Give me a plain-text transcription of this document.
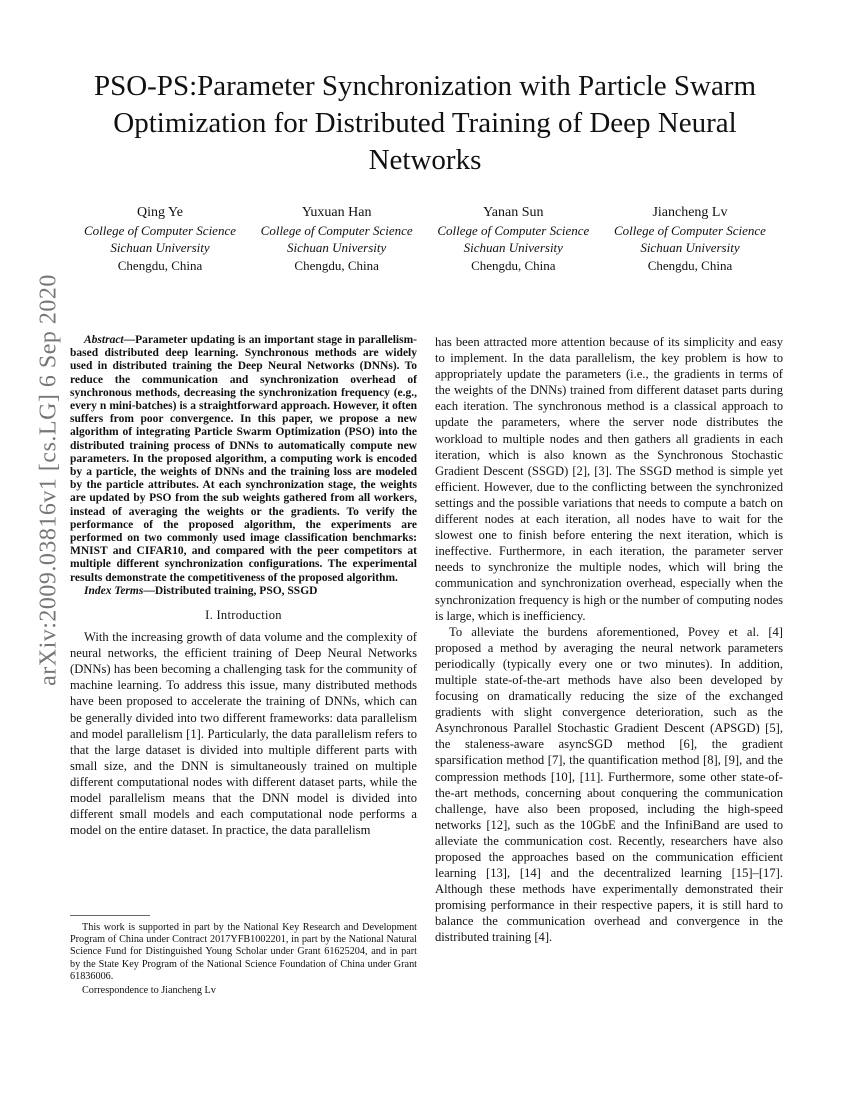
PSO-PS:Parameter Synchronization with Particle Swarm Optimization for Distributed Training of Deep Neural Networks
Qing Ye
College of Computer Science
Sichuan University
Chengdu, China
Yuxuan Han
College of Computer Science
Sichuan University
Chengdu, China
Yanan Sun
College of Computer Science
Sichuan University
Chengdu, China
Jiancheng Lv
College of Computer Science
Sichuan University
Chengdu, China
arXiv:2009.03816v1 [cs.LG] 6 Sep 2020	Abstract—Parameter updating is an important stage in parallelism-based distributed deep learning. Synchronous methods are widely used in distributed training the Deep Neural Networks (DNNs). To reduce the communication and synchronization overhead of synchronous methods, decreasing the synchronization frequency (e.g., every n mini-batches) is a straightforward approach. However, it often suffers from poor convergence. In this paper, we propose a new algorithm of integrating Particle Swarm Optimization (PSO) into the distributed training process of DNNs to automatically compute new parameters. In the proposed algorithm, a computing work is encoded by a particle, the weights of DNNs and the training loss are modeled by the particle attributes. At each synchronization stage, the weights are updated by PSO from the sub weights gathered from all workers, instead of averaging the weights or the gradients. To verify the performance of the proposed algorithm, the experiments are performed on two commonly used image classification benchmarks: MNIST and CIFAR10, and compared with the peer competitors at multiple different synchronization configurations. The experimental results demonstrate the competitiveness of the proposed algorithm.

Index Terms—Distributed training, PSO, SSGD

I. Introduction

With the increasing growth of data volume and the complexity of neural networks, the efficient training of Deep Neural Networks (DNNs) has been becoming a challenging task for the community of machine learning. To address this issue, many distributed methods have been proposed to accelerate the training of DNNs, which can be generally divided into two different frameworks: data parallelism and model parallelism [1]. Particularly, the data parallelism refers to that the large dataset is divided into multiple different parts with small size, and the DNN is simultaneously trained on multiple different computational nodes with different dataset parts, while the model parallelism means that the DNN model is divided into different small models and each computational node performs a model on the entire dataset. In practice, the data parallelism

has been attracted more attention because of its simplicity and easy to implement. In the data parallelism, the key problem is how to appropriately update the parameters (i.e., the gradients in terms of the weights of the DNNs) trained from different dataset parts during each iteration. The synchronous method is a classical approach to update the parameters, where the server node distributes the workload to multiple nodes and then gathers all gradients in each iteration, which is also known as the Synchronous Stochastic Gradient Descent (SSGD) [2], [3]. The SSGD method is simple yet efficient. However, due to the conflicting between the synchronized settings and the possible variations that needs to compute a batch on different nodes at each iteration, all nodes have to wait for the slowest one to finish before entering the next iteration, which is ineffective. Furthermore, in each iteration, the parameter server needs to synchronize the multiple nodes, which will bring the communication and synchronization overhead, especially when the synchronization frequency is high or the number of computing nodes is large, which is inefficiency.

To alleviate the burdens aforementioned, Povey et al. [4] proposed a method by averaging the neural network parameters periodically (typically every one or two minutes). In addition, multiple state-of-the-art methods have also been developed by focusing on dramatically reducing the size of the exchanged gradients with slight convergence deterioration, such as the Asynchronous Parallel Stochastic Gradient Descent (APSGD) [5], the staleness-aware asyncSGD method [6], the gradient sparsification method [7], the quantification method [8], [9], and the compression methods [10], [11]. Furthermore, some other state-of-the-art methods, concerning about conquering the communication challenge, have also been proposed, including the high-speed networks [12], such as the 10GbE and the InfiniBand are used to alleviate the communication cost. Recently, researchers have also proposed the approaches based on the communication efficient learning [13], [14] and the decentralized learning [15]–[17]. Although these methods have experimentally demonstrated their promising performance in their respective papers, it is still hard to balance the communication overhead and convergence in the distributed training [4].

This work is supported in part by the National Key Research and Development Program of China under Contract 2017YFB1002201, in part by the National Natural Science Fund for Distinguished Young Scholar under Grant 61625204, and in part by the State Key Program of the National Science Foundation of China under Grant 61836006.

Correspondence to Jiancheng Lv
